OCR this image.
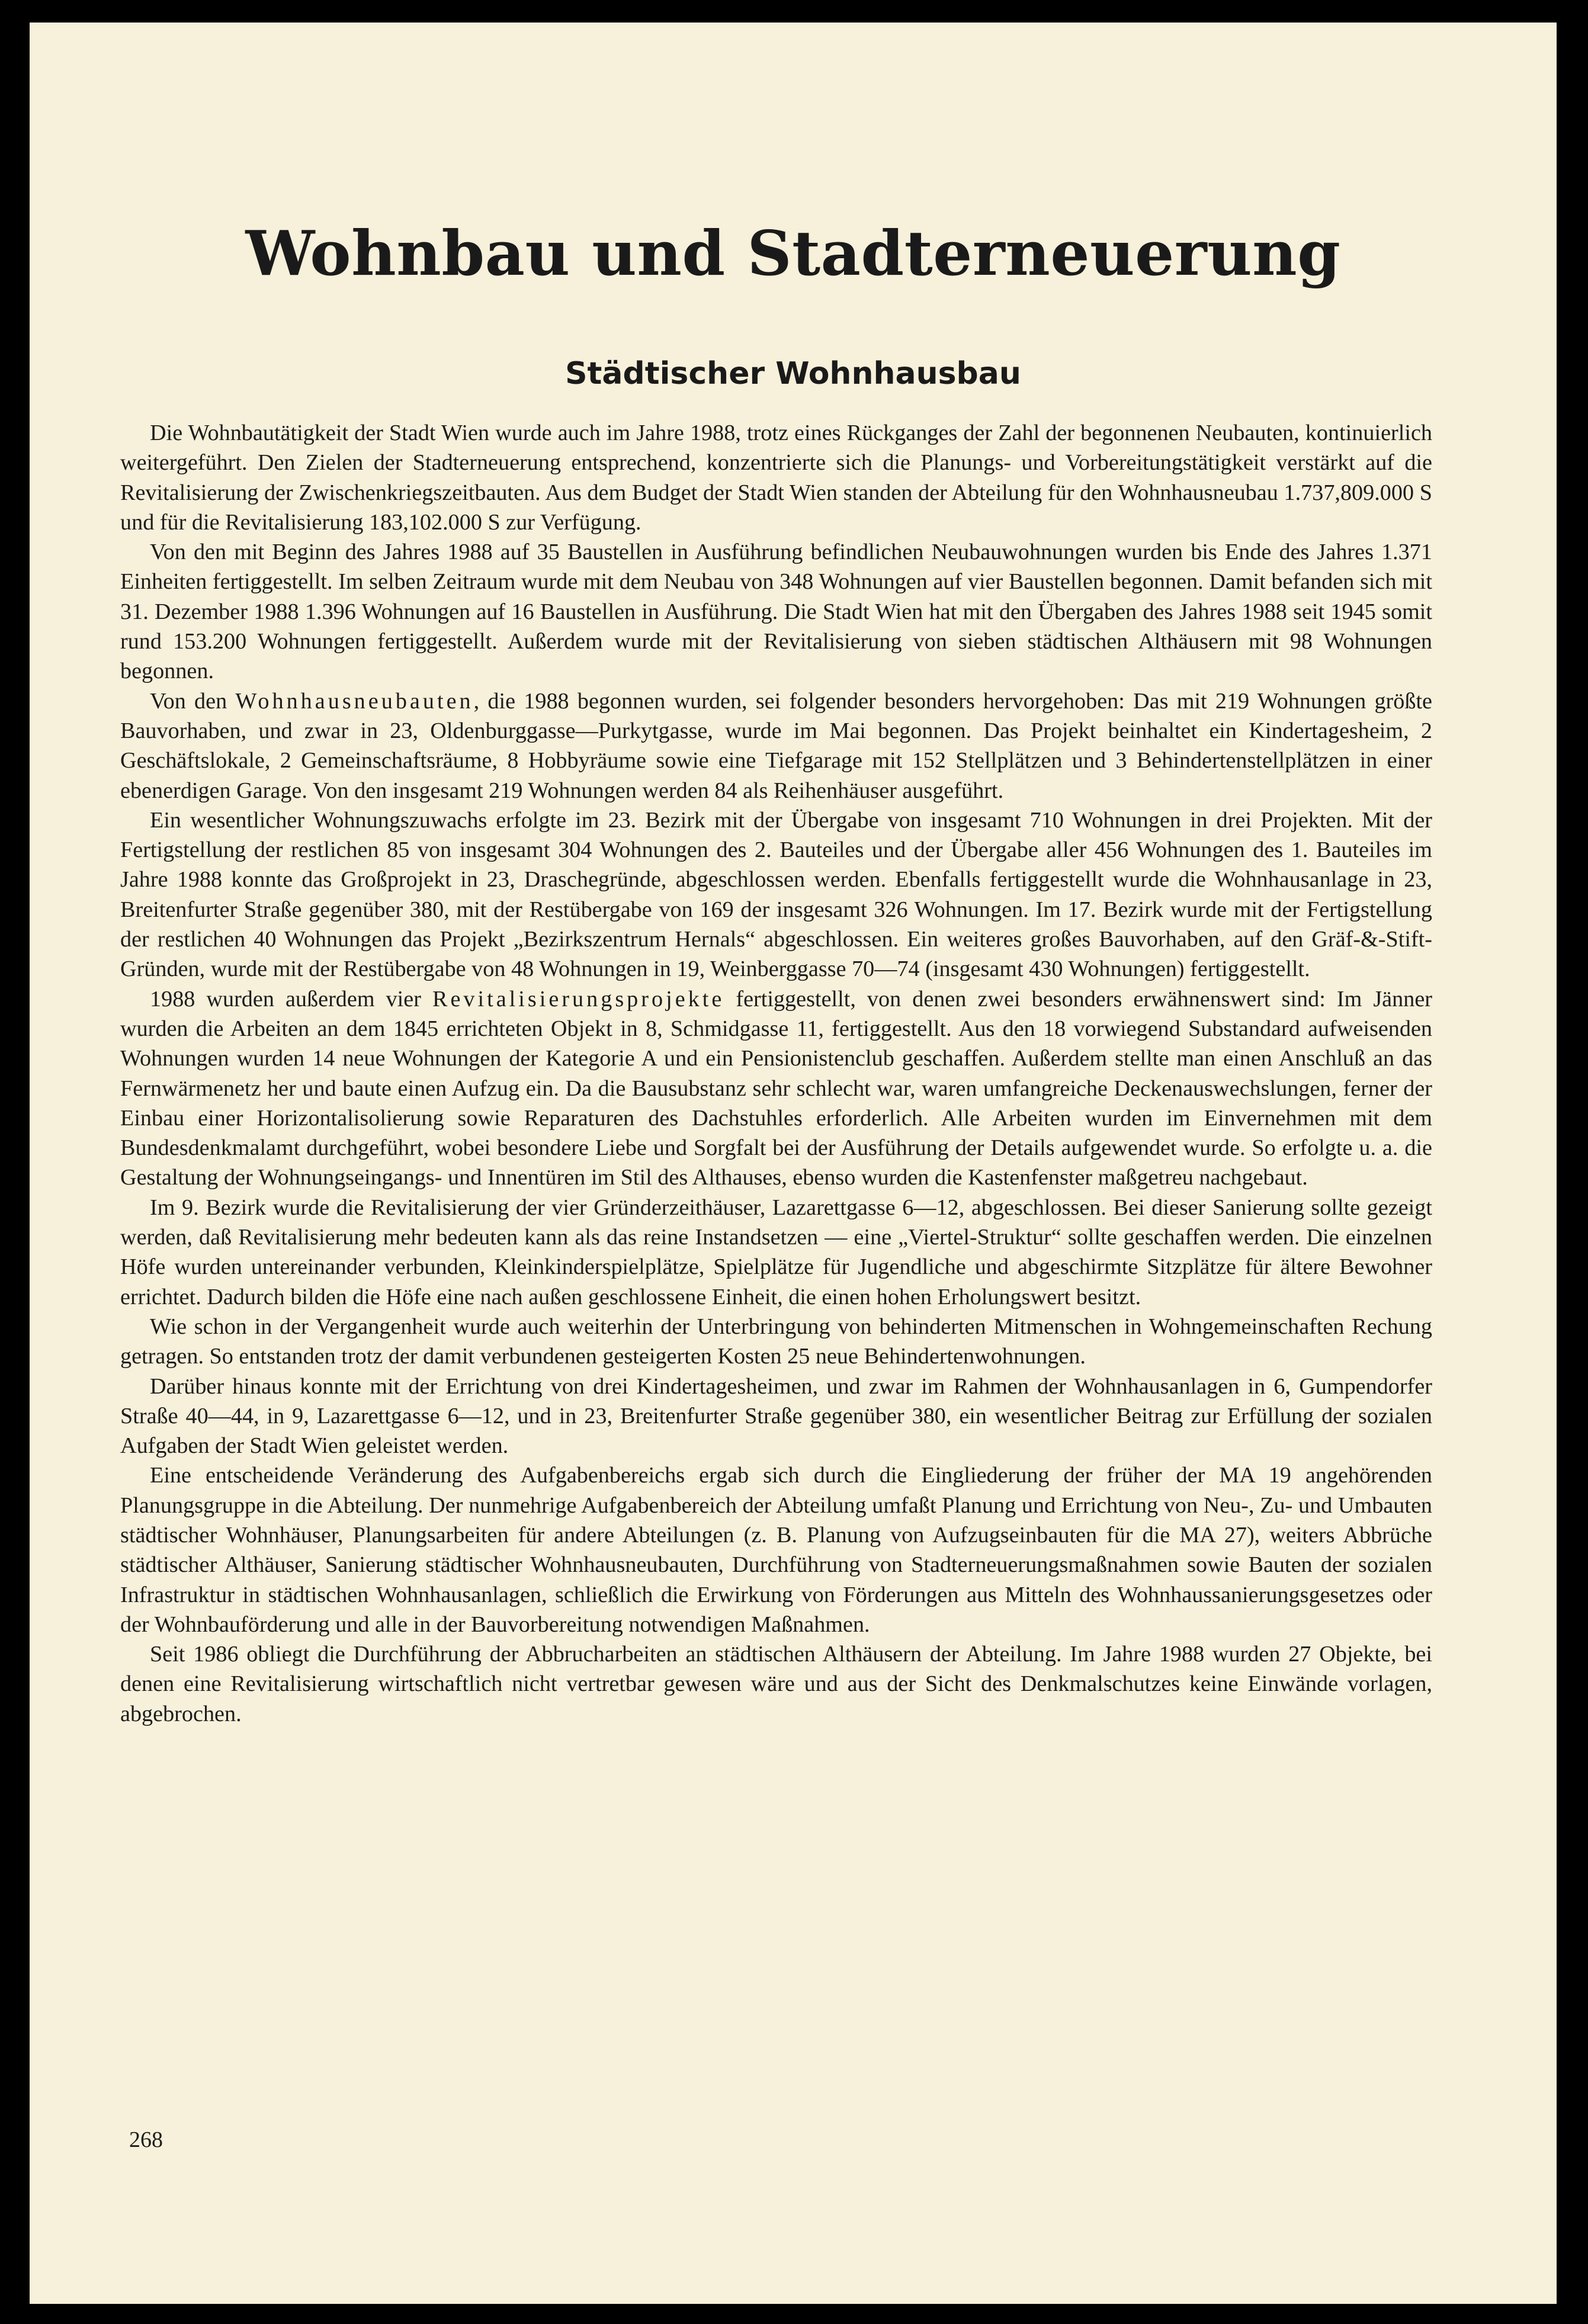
Wohnbau und Stadterneuerung
Städtischer Wohnhausbau

Die Wohnbautätigkeit der Stadt Wien wurde auch im Jahre 1988, trotz eines Rückganges der Zahl der begonnenen Neubauten, kontinuierlich weitergeführt. Den Zielen der Stadterneuerung entsprechend, konzentrierte sich die Planungs- und Vorbereitungstätigkeit verstärkt auf die Revitalisierung der Zwischenkriegszeitbauten. Aus dem Budget der Stadt Wien standen der Abteilung für den Wohnhausneubau 1.737,809.000 S und für die Revitalisierung 183,102.000 S zur Verfügung.

Von den mit Beginn des Jahres 1988 auf 35 Baustellen in Ausführung befindlichen Neubauwohnungen wurden bis Ende des Jahres 1.371 Einheiten fertiggestellt. Im selben Zeitraum wurde mit dem Neubau von 348 Wohnungen auf vier Baustellen begonnen. Damit befanden sich mit 31. Dezember 1988 1.396 Wohnungen auf 16 Baustellen in Ausführung. Die Stadt Wien hat mit den Übergaben des Jahres 1988 seit 1945 somit rund 153.200 Wohnungen fertiggestellt. Außerdem wurde mit der Revitalisierung von sieben städtischen Althäusern mit 98 Wohnungen begonnen.

Von den Wohnhausneubauten, die 1988 begonnen wurden, sei folgender besonders hervorgehoben: Das mit 219 Wohnungen größte Bauvorhaben, und zwar in 23, Oldenburggasse—Purkytgasse, wurde im Mai begonnen. Das Projekt beinhaltet ein Kindertagesheim, 2 Geschäftslokale, 2 Gemeinschaftsräume, 8 Hobbyräume sowie eine Tiefgarage mit 152 Stellplätzen und 3 Behindertenstellplätzen in einer ebenerdigen Garage. Von den insgesamt 219 Wohnungen werden 84 als Reihenhäuser ausgeführt.

Ein wesentlicher Wohnungszuwachs erfolgte im 23. Bezirk mit der Übergabe von insgesamt 710 Wohnungen in drei Projekten. Mit der Fertigstellung der restlichen 85 von insgesamt 304 Wohnungen des 2. Bauteiles und der Übergabe aller 456 Wohnungen des 1. Bauteiles im Jahre 1988 konnte das Großprojekt in 23, Draschegründe, abgeschlossen werden. Ebenfalls fertiggestellt wurde die Wohnhausanlage in 23, Breitenfurter Straße gegenüber 380, mit der Restübergabe von 169 der insgesamt 326 Wohnungen. Im 17. Bezirk wurde mit der Fertigstellung der restlichen 40 Wohnungen das Projekt „Bezirkszentrum Hernals“ abgeschlossen. Ein weiteres großes Bauvorhaben, auf den Gräf-&-Stift-Gründen, wurde mit der Restübergabe von 48 Wohnungen in 19, Weinberggasse 70—74 (insgesamt 430 Wohnungen) fertiggestellt.

1988 wurden außerdem vier Revitalisierungsprojekte fertiggestellt, von denen zwei besonders erwähnenswert sind: Im Jänner wurden die Arbeiten an dem 1845 errichteten Objekt in 8, Schmidgasse 11, fertiggestellt. Aus den 18 vorwiegend Substandard aufweisenden Wohnungen wurden 14 neue Wohnungen der Kategorie A und ein Pensionistenclub geschaffen. Außerdem stellte man einen Anschluß an das Fernwärmenetz her und baute einen Aufzug ein. Da die Bausubstanz sehr schlecht war, waren umfangreiche Deckenauswechslungen, ferner der Einbau einer Horizontalisolierung sowie Reparaturen des Dachstuhles erforderlich. Alle Arbeiten wurden im Einvernehmen mit dem Bundesdenkmalamt durchgeführt, wobei besondere Liebe und Sorgfalt bei der Ausführung der Details aufgewendet wurde. So erfolgte u. a. die Gestaltung der Wohnungseingangs- und Innentüren im Stil des Althauses, ebenso wurden die Kastenfenster maßgetreu nachgebaut.

Im 9. Bezirk wurde die Revitalisierung der vier Gründerzeithäuser, Lazarettgasse 6—12, abgeschlossen. Bei dieser Sanierung sollte gezeigt werden, daß Revitalisierung mehr bedeuten kann als das reine Instandsetzen — eine „Viertel-Struktur“ sollte geschaffen werden. Die einzelnen Höfe wurden untereinander verbunden, Kleinkinderspielplätze, Spielplätze für Jugendliche und abgeschirmte Sitzplätze für ältere Bewohner errichtet. Dadurch bilden die Höfe eine nach außen geschlossene Einheit, die einen hohen Erholungswert besitzt.

Wie schon in der Vergangenheit wurde auch weiterhin der Unterbringung von behinderten Mitmenschen in Wohngemeinschaften Rechung getragen. So entstanden trotz der damit verbundenen gesteigerten Kosten 25 neue Behindertenwohnungen.

Darüber hinaus konnte mit der Errichtung von drei Kindertagesheimen, und zwar im Rahmen der Wohnhausanlagen in 6, Gumpendorfer Straße 40—44, in 9, Lazarettgasse 6—12, und in 23, Breitenfurter Straße gegenüber 380, ein wesentlicher Beitrag zur Erfüllung der sozialen Aufgaben der Stadt Wien geleistet werden.

Eine entscheidende Veränderung des Aufgabenbereichs ergab sich durch die Eingliederung der früher der MA 19 angehörenden Planungsgruppe in die Abteilung. Der nunmehrige Aufgabenbereich der Abteilung umfaßt Planung und Errichtung von Neu-, Zu- und Umbauten städtischer Wohnhäuser, Planungsarbeiten für andere Abteilungen (z. B. Planung von Aufzugseinbauten für die MA 27), weiters Abbrüche städtischer Althäuser, Sanierung städtischer Wohnhausneubauten, Durchführung von Stadterneuerungsmaßnahmen sowie Bauten der sozialen Infrastruktur in städtischen Wohnhausanlagen, schließlich die Erwirkung von Förderungen aus Mitteln des Wohnhaussanierungsgesetzes oder der Wohnbauförderung und alle in der Bauvorbereitung notwendigen Maßnahmen.

Seit 1986 obliegt die Durchführung der Abbrucharbeiten an städtischen Althäusern der Abteilung. Im Jahre 1988 wurden 27 Objekte, bei denen eine Revitalisierung wirtschaftlich nicht vertretbar gewesen wäre und aus der Sicht des Denkmalschutzes keine Einwände vorlagen, abgebrochen.

268
